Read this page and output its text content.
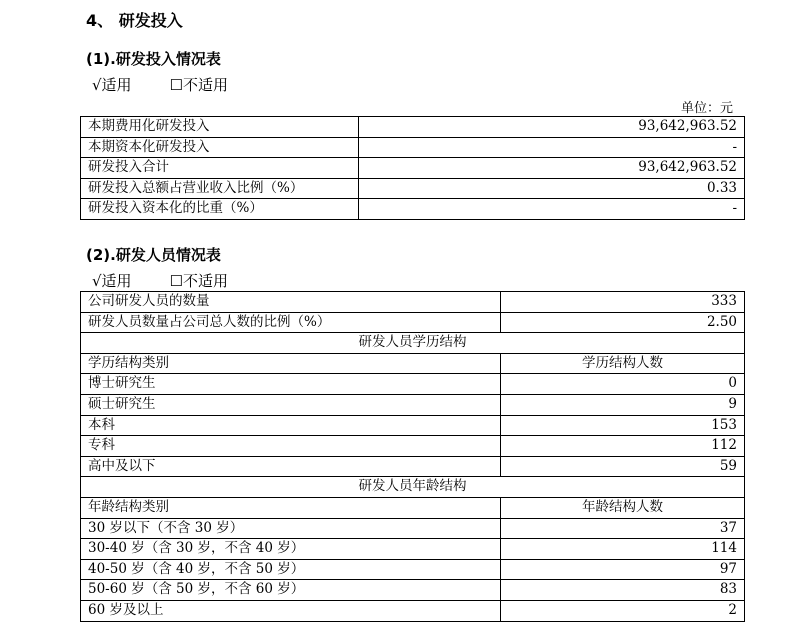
4、 研发投入
(1).研发投入情况表
√适用	☐不适用
单位：元
本期费用化研发投入	93,642,963.52
本期资本化研发投入	-
研发投入合计	93,642,963.52
研发投入总额占营业收入比例（%）	0.33
研发投入资本化的比重（%）	-
(2).研发人员情况表
√适用	☐不适用
公司研发人员的数量	333
研发人员数量占公司总人数的比例（%）	2.50
研发人员学历结构	
学历结构类别	学历结构人数
博士研究生	0
硕士研究生	9
本科	153
专科	112
高中及以下	59
研发人员年龄结构	
年龄结构类别	年龄结构人数
30 岁以下（不含 30 岁）	37
30-40 岁（含 30 岁，不含 40 岁）	114
40-50 岁（含 40 岁，不含 50 岁）	97
50-60 岁（含 50 岁，不含 60 岁）	83
60 岁及以上	2
